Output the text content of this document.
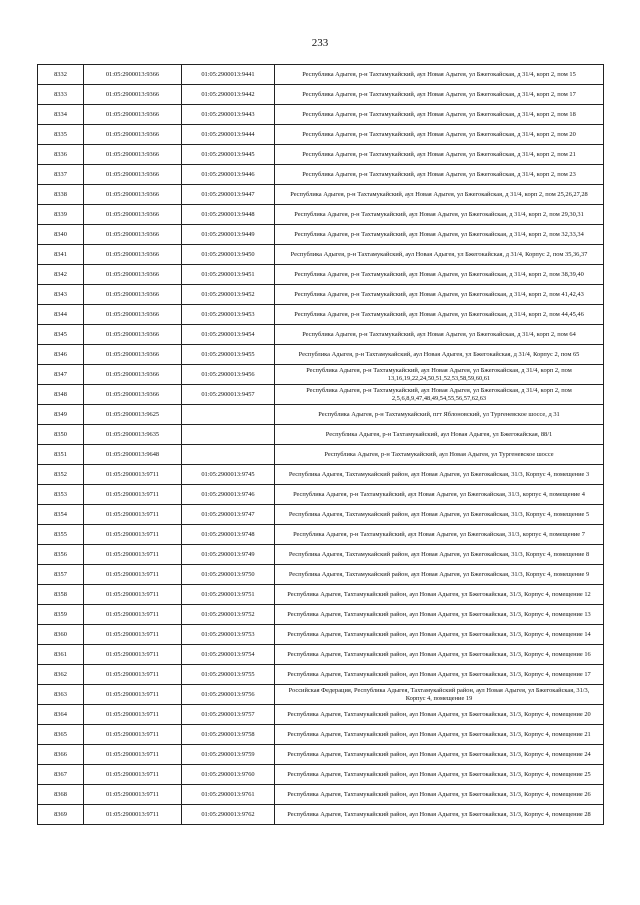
233
8332	01:05:2900013:9366	01:05:2900013:9441	Республика Адыгея, р-н Тахтамукайский, аул Новая Адыгея, ул Бжегокайская, д 31/4, корп 2, пом 15
8333	01:05:2900013:9366	01:05:2900013:9442	Республика Адыгея, р-н Тахтамукайский, аул Новая Адыгея, ул Бжегокайская, д 31/4, корп 2, пом 17
8334	01:05:2900013:9366	01:05:2900013:9443	Республика Адыгея, р-н Тахтамукайский, аул Новая Адыгея, ул Бжегокайская, д 31/4, корп 2, пом 18
8335	01:05:2900013:9366	01:05:2900013:9444	Республика Адыгея, р-н Тахтамукайский, аул Новая Адыгея, ул Бжегокайская, д 31/4, корп 2, пом 20
8336	01:05:2900013:9366	01:05:2900013:9445	Республика Адыгея, р-н Тахтамукайский, аул Новая Адыгея, ул Бжегокайская, д 31/4, корп 2, пом 21
8337	01:05:2900013:9366	01:05:2900013:9446	Республика Адыгея, р-н Тахтамукайский, аул Новая Адыгея, ул Бжегокайская, д 31/4, корп 2, пом 23
8338	01:05:2900013:9366	01:05:2900013:9447	Республика Адыгея, р-н Тахтамукайский, аул Новая Адыгея, ул Бжегокайская, д 31/4, корп 2, пом 25,26,27,28
8339	01:05:2900013:9366	01:05:2900013:9448	Республика Адыгея, р-н Тахтамукайский, аул Новая Адыгея, ул Бжегокайская, д 31/4, корп 2, пом 29,30,31
8340	01:05:2900013:9366	01:05:2900013:9449	Республика Адыгея, р-н Тахтамукайский, аул Новая Адыгея, ул Бжегокайская, д 31/4, корп 2, пом 32,33,34
8341	01:05:2900013:9366	01:05:2900013:9450	Республика Адыгея, р-н Тахтамукайский, аул Новая Адыгея, ул Бжегокайская, д 31/4, Корпус 2, пом 35,36,37
8342	01:05:2900013:9366	01:05:2900013:9451	Республика Адыгея, р-н Тахтамукайский, аул Новая Адыгея, ул Бжегокайская, д 31/4, корп 2, пом 38,39,40
8343	01:05:2900013:9366	01:05:2900013:9452	Республика Адыгея, р-н Тахтамукайский, аул Новая Адыгея, ул Бжегокайская, д 31/4, корп 2, пом 41,42,43
8344	01:05:2900013:9366	01:05:2900013:9453	Республика Адыгея, р-н Тахтамукайский, аул Новая Адыгея, ул Бжегокайская, д 31/4, корп 2, пом 44,45,46
8345	01:05:2900013:9366	01:05:2900013:9454	Республика Адыгея, р-н Тахтамукайский, аул Новая Адыгея, ул Бжегокайская, д 31/4, корп 2, пом 64
8346	01:05:2900013:9366	01:05:2900013:9455	Республика Адыгея, р-н Тахтамукайский, аул Новая Адыгея, ул Бжегокайская, д 31/4, Корпус 2, пом 65
8347	01:05:2900013:9366	01:05:2900013:9456	Республика Адыгея, р-н Тахтамукайский, аул Новая Адыгея, ул Бжегокайская, д 31/4, корп 2, пом 13,16,19,22,24,50,51,52,53,58,59,60,61
8348	01:05:2900013:9366	01:05:2900013:9457	Республика Адыгея, р-н Тахтамукайский, аул Новая Адыгея, ул Бжегокайская, д 31/4, корп 2, пом 2,5,6,8,9,47,48,49,54,55,56,57,62,63
8349	01:05:2900013:9625		Республика Адыгея, р-н Тахтамукайский, пгт Яблоновский, ул Тургеневское шоссе, д 31
8350	01:05:2900013:9635		Республика Адыгея, р-н Тахтамукайский, аул Новая Адыгея, ул Бжегокайская, 88/1
8351	01:05:2900013:9648		Республика Адыгея, р-н Тахтамукайский, аул Новая Адыгея, ул Тургеневское шоссе
8352	01:05:2900013:9711	01:05:2900013:9745	Республика Адыгея, Тахтамукайский район, аул Новая Адыгея, ул Бжегокайская, 31/3, Корпус 4, помещение 3
8353	01:05:2900013:9711	01:05:2900013:9746	Республика Адыгея, р-н Тахтамукайский, аул Новая Адыгея, ул Бжегокайская, 31/3, корпус 4, помещение 4
8354	01:05:2900013:9711	01:05:2900013:9747	Республика Адыгея, Тахтамукайский район, аул Новая Адыгея, ул Бжегокайская, 31/3, Корпус 4, помещение 5
8355	01:05:2900013:9711	01:05:2900013:9748	Республика Адыгея, р-н Тахтамукайский, аул Новая Адыгея, ул Бжегокайская, 31/3, корпус 4, помещение 7
8356	01:05:2900013:9711	01:05:2900013:9749	Республика Адыгея, Тахтамукайский район, аул Новая Адыгея, ул Бжегокайская, 31/3, Корпус 4, помещение 8
8357	01:05:2900013:9711	01:05:2900013:9750	Республика Адыгея, Тахтамукайский район, аул Новая Адыгея, ул Бжегокайская, 31/3, Корпус 4, помещение 9
8358	01:05:2900013:9711	01:05:2900013:9751	Республика Адыгея, Тахтамукайский район, аул Новая Адыгея, ул Бжегокайская, 31/3, Корпус 4, помещение 12
8359	01:05:2900013:9711	01:05:2900013:9752	Республика Адыгея, Тахтамукайский район, аул Новая Адыгея, ул Бжегокайская, 31/3, Корпус 4, помещение 13
8360	01:05:2900013:9711	01:05:2900013:9753	Республика Адыгея, Тахтамукайский район, аул Новая Адыгея, ул Бжегокайская, 31/3, Корпус 4, помещение 14
8361	01:05:2900013:9711	01:05:2900013:9754	Республика Адыгея, Тахтамукайский район, аул Новая Адыгея, ул Бжегокайская, 31/3, Корпус 4, помещение 16
8362	01:05:2900013:9711	01:05:2900013:9755	Республика Адыгея, Тахтамукайский район, аул Новая Адыгея, ул Бжегокайская, 31/3, Корпус 4, помещение 17
8363	01:05:2900013:9711	01:05:2900013:9756	Российская Федерация, Республика Адыгея, Тахтамукайский район, аул Новая Адыгея, ул Бжегокайская, 31/3, Корпус 4, помещение 19
8364	01:05:2900013:9711	01:05:2900013:9757	Республика Адыгея, Тахтамукайский район, аул Новая Адыгея, ул Бжегокайская, 31/3, Корпус 4, помещение 20
8365	01:05:2900013:9711	01:05:2900013:9758	Республика Адыгея, Тахтамукайский район, аул Новая Адыгея, ул Бжегокайская, 31/3, Корпус 4, помещение 21
8366	01:05:2900013:9711	01:05:2900013:9759	Республика Адыгея, Тахтамукайский район, аул Новая Адыгея, ул Бжегокайская, 31/3, Корпус 4, помещение 24
8367	01:05:2900013:9711	01:05:2900013:9760	Республика Адыгея, Тахтамукайский район, аул Новая Адыгея, ул Бжегокайская, 31/3, Корпус 4, помещение 25
8368	01:05:2900013:9711	01:05:2900013:9761	Республика Адыгея, Тахтамукайский район, аул Новая Адыгея, ул Бжегокайская, 31/3, Корпус 4, помещение 26
8369	01:05:2900013:9711	01:05:2900013:9762	Республика Адыгея, Тахтамукайский район, аул Новая Адыгея, ул Бжегокайская, 31/3, Корпус 4, помещение 28
